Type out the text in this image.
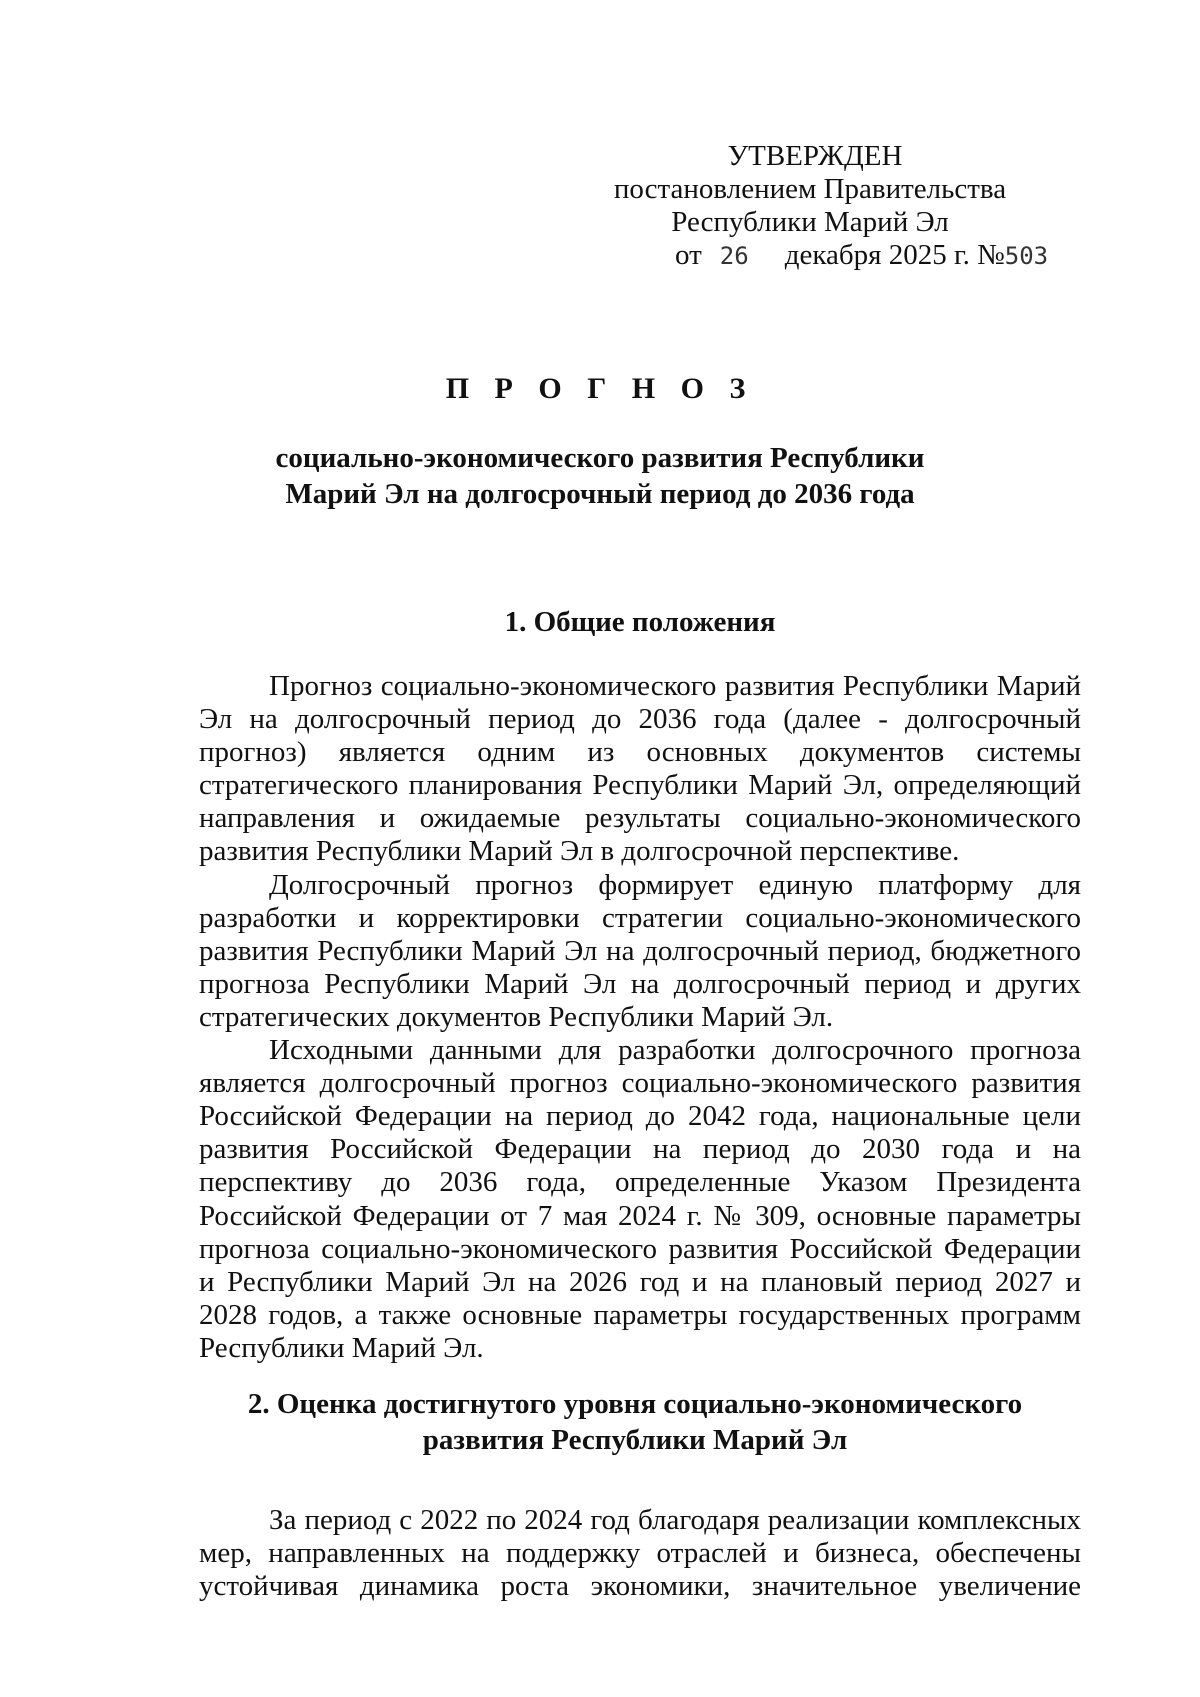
УТВЕРЖДЕН
постановлением Правительства
Республики Марий Эл
от 26 декабря 2025 г. №503
П Р О Г Н О З
социально-экономического развития Республики
Марий Эл на долгосрочный период до 2036 года
1. Общие положения

Прогноз социально-экономического развития Республики Марий Эл на долгосрочный период до 2036 года (далее - долгосрочный прогноз) является одним из основных документов системы стратегического планирования Республики Марий Эл, определяющий направления и ожидаемые результаты социально-экономического развития Республики Марий Эл в долгосрочной перспективе.

Долгосрочный прогноз формирует единую платформу для разработки и корректировки стратегии социально-экономического развития Республики Марий Эл на долгосрочный период, бюджетного прогноза Республики Марий Эл на долгосрочный период и других стратегических документов Республики Марий Эл.

Исходными данными для разработки долгосрочного прогноза является долгосрочный прогноз социально-экономического развития Российской Федерации на период до 2042 года, национальные цели развития Российской Федерации на период до 2030 года и на перспективу до 2036 года, определенные Указом Президента Российской Федерации от 7 мая 2024 г. № 309, основные параметры прогноза социально-экономического развития Российской Федерации и Республики Марий Эл на 2026 год и на плановый период 2027 и 2028 годов, а также основные параметры государственных программ Республики Марий Эл.

2. Оценка достигнутого уровня социально-экономического
развития Республики Марий Эл

За период с 2022 по 2024 год благодаря реализации комплексных мер, направленных на поддержку отраслей и бизнеса, обеспечены устойчивая динамика роста экономики, значительное увеличение
